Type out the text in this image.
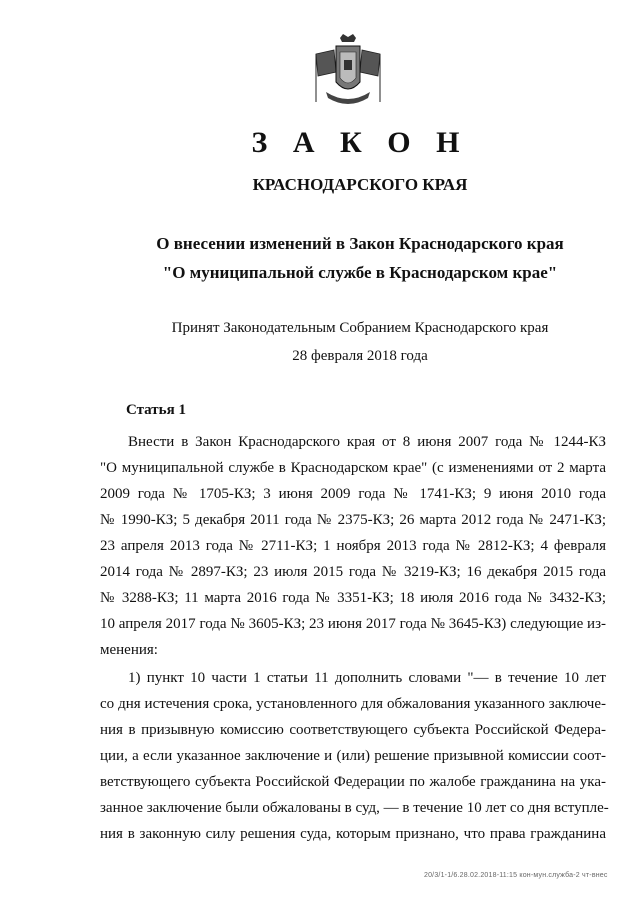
З А К О Н
КРАСНОДАРСКОГО КРАЯ
О внесении изменений в Закон Краснодарского края
"О муниципальной службе в Краснодарском крае"
Принят Законодательным Собранием Краснодарского края
28 февраля 2018 года
Статья 1
Внести в Закон Краснодарского края от 8 июня 2007 года № 1244-КЗ
"О муниципальной службе в Краснодарском крае" (с изменениями от 2 марта
2009 года № 1705-КЗ; 3 июня 2009 года № 1741-КЗ; 9 июня 2010 года
№ 1990-КЗ; 5 декабря 2011 года № 2375-КЗ; 26 марта 2012 года № 2471-КЗ;
23 апреля 2013 года № 2711-КЗ; 1 ноября 2013 года № 2812-КЗ; 4 февраля
2014 года № 2897-КЗ; 23 июля 2015 года № 3219-КЗ; 16 декабря 2015 года
№ 3288-КЗ; 11 марта 2016 года № 3351-КЗ; 18 июля 2016 года № 3432-КЗ;
10 апреля 2017 года № 3605-КЗ; 23 июня 2017 года № 3645-КЗ) следующие из-
менения:
1) пункт 10 части 1 статьи 11 дополнить словами "— в течение 10 лет
со дня истечения срока, установленного для обжалования указанного заключе-
ния в призывную комиссию соответствующего субъекта Российской Федера-
ции, а если указанное заключение и (или) решение призывной комиссии соот-
ветствующего субъекта Российской Федерации по жалобе гражданина на ука-
занное заключение были обжалованы в суд, — в течение 10 лет со дня вступле-
ния в законную силу решения суда, которым признано, что права гражданина
20/3/1-1/6.28.02.2018-11:15 кон-мун.служба-2 чт-внес
